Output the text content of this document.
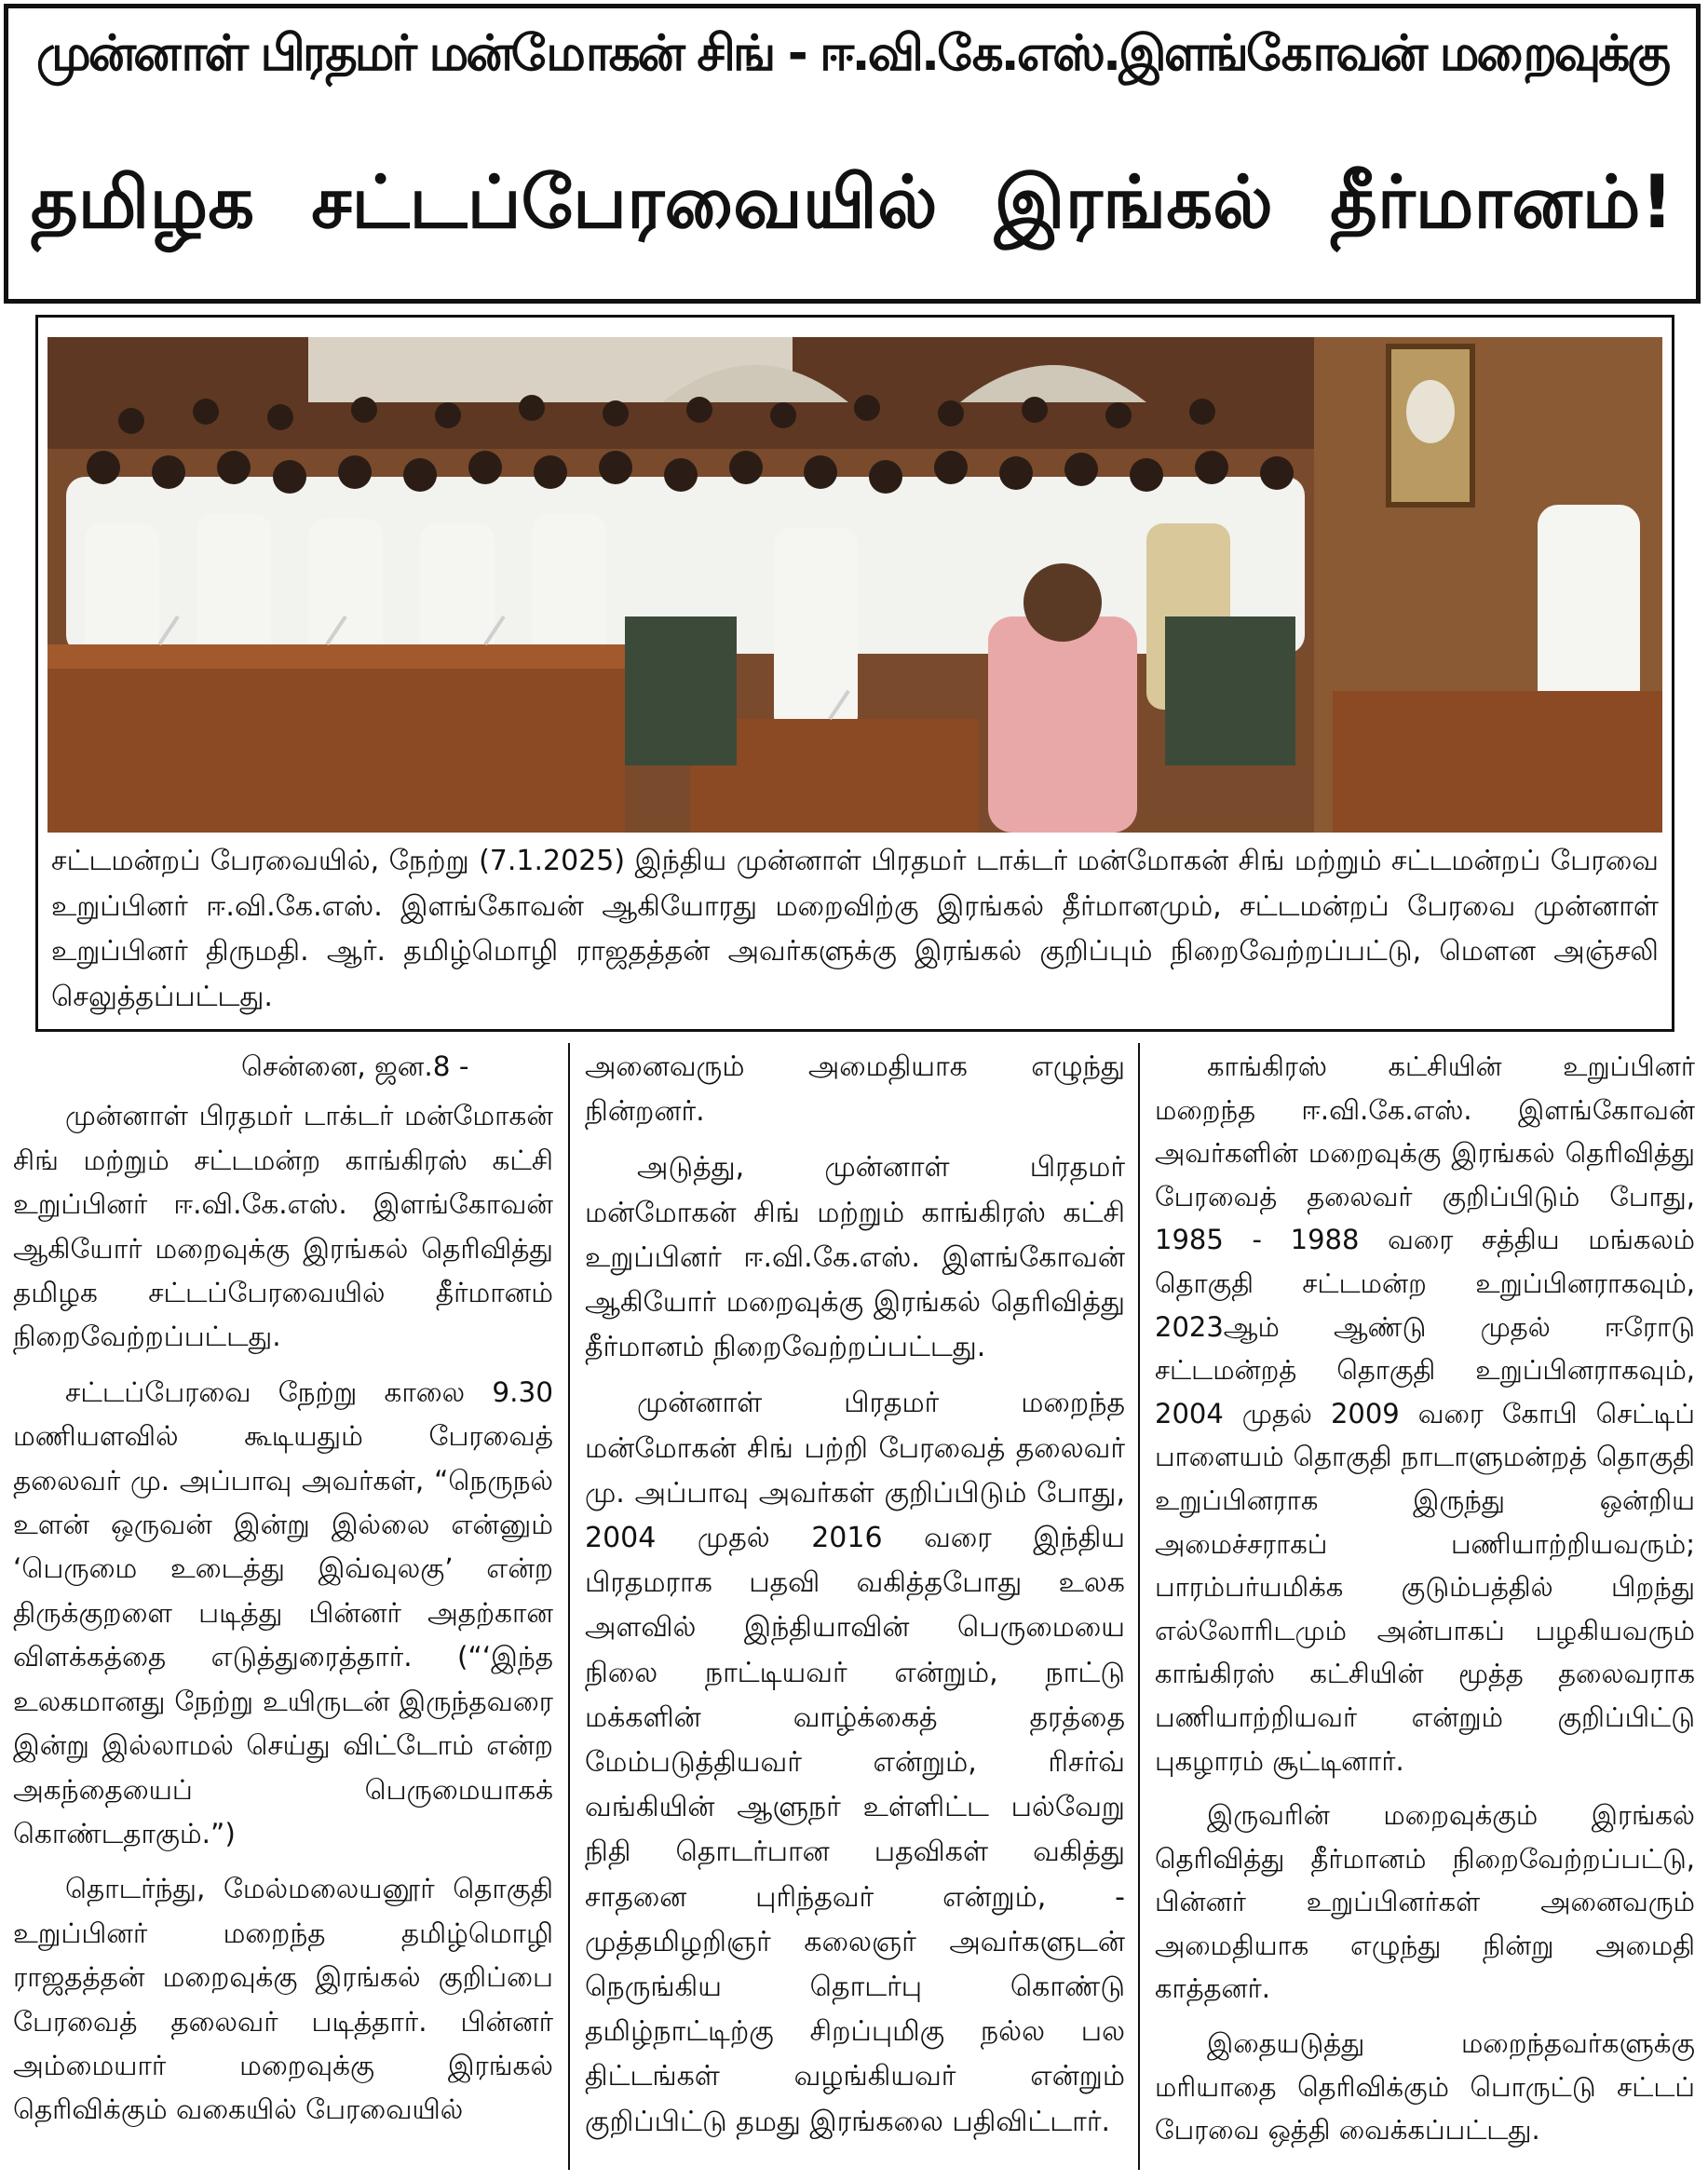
முன்னாள் பிரதமர் மன்மோகன் சிங் - ஈ.வி.கே.எஸ்.இளங்கோவன் மறைவுக்கு
தமிழக சட்டப்பேரவையில் இரங்கல் தீர்மானம்!
சட்டமன்றப் பேரவையில், நேற்று (7.1.2025) இந்திய முன்னாள் பிரதமர் டாக்டர் மன்மோகன் சிங் மற்றும் சட்டமன்றப் பேரவை உறுப்பினர் ஈ.வி.கே.எஸ். இளங்கோவன் ஆகியோரது மறைவிற்கு இரங்கல் தீர்மானமும், சட்டமன்றப் பேரவை முன்னாள் உறுப்பினர் திருமதி. ஆர். தமிழ்மொழி ராஜதத்தன் அவர்களுக்கு இரங்கல் குறிப்பும் நிறைவேற்றப்பட்டு, மௌன அஞ்சலி செலுத்தப்பட்டது.

சென்னை, ஜன.8 -

முன்னாள் பிரதமர் டாக்டர் மன்மோகன் சிங் மற்றும் சட்டமன்ற காங்கிரஸ் கட்சி உறுப்பினர் ஈ.வி.கே.எஸ். இளங்கோவன் ஆகியோர் மறைவுக்கு இரங்கல் தெரிவித்து தமிழக சட்டப்பேரவையில் தீர்மானம் நிறைவேற்றப்பட்டது.

சட்டப்பேரவை நேற்று காலை 9.30 மணியளவில் கூடியதும் பேரவைத் தலைவர் மு. அப்பாவு அவர்கள், “நெருநல் உளன் ஒருவன் இன்று இல்லை என்னும் ‘பெருமை உடைத்து இவ்வுலகு’ என்ற திருக்குறளை படித்து பின்னர் அதற்கான விளக்கத்தை எடுத்துரைத்தார். (“‘இந்த உலகமானது நேற்று உயிருடன் இருந்தவரை இன்று இல்லாமல் செய்து விட்டோம் என்ற அகந்தையைப் பெருமையாகக் கொண்டதாகும்.”)

தொடர்ந்து, மேல்மலையனூர் தொகுதி உறுப்பினர் மறைந்த தமிழ்மொழி ராஜதத்தன் மறைவுக்கு இரங்கல் குறிப்பை பேரவைத் தலைவர் படித்தார். பின்னர் அம்மையார் மறைவுக்கு இரங்கல் தெரிவிக்கும் வகையில் பேரவையில்

அனைவரும் அமைதியாக எழுந்து நின்றனர்.

அடுத்து, முன்னாள் பிரதமர் மன்மோகன் சிங் மற்றும் காங்கிரஸ் கட்சி உறுப்பினர் ஈ.வி.கே.எஸ். இளங்கோவன் ஆகியோர் மறைவுக்கு இரங்கல் தெரிவித்து தீர்மானம் நிறைவேற்றப்பட்டது.

முன்னாள் பிரதமர் மறைந்த மன்மோகன் சிங் பற்றி பேரவைத் தலைவர் மு. அப்பாவு அவர்கள் குறிப்பிடும் போது, 2004 முதல் 2016 வரை இந்திய பிரதமராக பதவி வகித்தபோது உலக அளவில் இந்தியாவின் பெருமையை நிலை நாட்டியவர் என்றும், நாட்டு மக்களின் வாழ்க்கைத் தரத்தை மேம்படுத்தியவர் என்றும், ரிசர்வ் வங்கியின் ஆளுநர் உள்ளிட்ட பல்வேறு நிதி தொடர்பான பதவிகள் வகித்து சாதனை புரிந்தவர் என்றும், - முத்தமிழறிஞர் கலைஞர் அவர்களுடன் நெருங்கிய தொடர்பு கொண்டு தமிழ்நாட்டிற்கு சிறப்புமிகு நல்ல பல திட்டங்கள் வழங்கியவர் என்றும் குறிப்பிட்டு தமது இரங்கலை பதிவிட்டார்.

காங்கிரஸ் கட்சியின் உறுப்பினர் மறைந்த ஈ.வி.கே.எஸ். இளங்கோவன் அவர்களின் மறைவுக்கு இரங்கல் தெரிவித்து பேரவைத் தலைவர் குறிப்பிடும் போது, 1985 - 1988 வரை சத்திய மங்கலம் தொகுதி சட்டமன்ற உறுப்பினராகவும், 2023ஆம் ஆண்டு முதல் ஈரோடு சட்டமன்றத் தொகுதி உறுப்பினராகவும், 2004 முதல் 2009 வரை கோபி செட்டிப் பாளையம் தொகுதி நாடாளுமன்றத் தொகுதி உறுப்பினராக இருந்து ஒன்றிய அமைச்சராகப் பணியாற்றியவரும்; பாரம்பர்யமிக்க குடும்பத்தில் பிறந்து எல்லோரிடமும் அன்பாகப் பழகியவரும் காங்கிரஸ் கட்சியின் மூத்த தலைவராக பணியாற்றியவர் என்றும் குறிப்பிட்டு புகழாரம் சூட்டினார்.

இருவரின் மறைவுக்கும் இரங்கல் தெரிவித்து தீர்மானம் நிறைவேற்றப்பட்டு, பின்னர் உறுப்பினர்கள் அனைவரும் அமைதியாக எழுந்து நின்று அமைதி காத்தனர்.

இதையடுத்து மறைந்தவர்களுக்கு மரியாதை தெரிவிக்கும் பொருட்டு சட்டப் பேரவை ஒத்தி வைக்கப்பட்டது.
